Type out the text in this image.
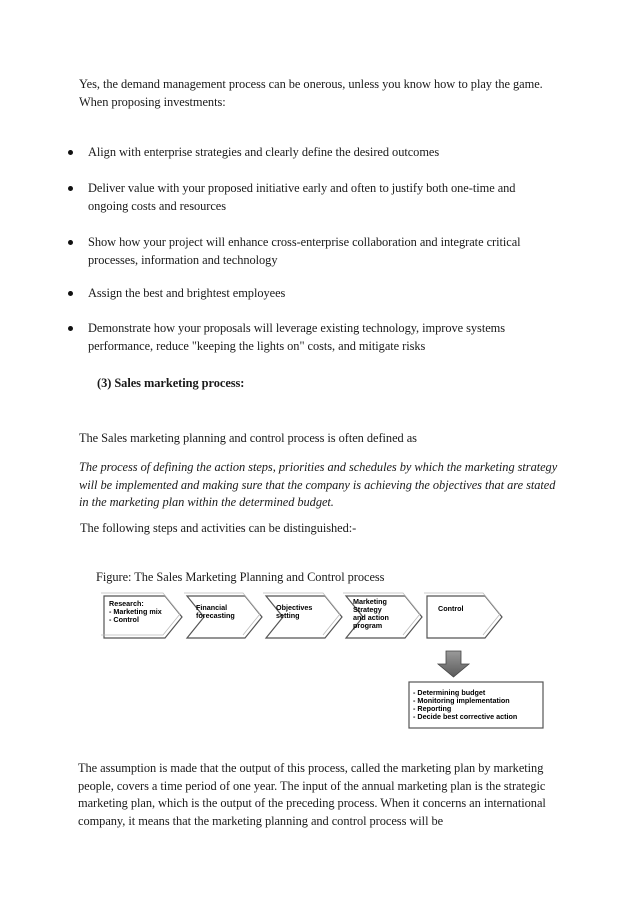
Yes, the demand management process can be onerous, unless you know how to play the game. When proposing investments:
Align with enterprise strategies and clearly define the desired outcomes
Deliver value with your proposed initiative early and often to justify both one-time and ongoing costs and resources
Show how your project will enhance cross-enterprise collaboration and integrate critical processes, information and technology
Assign the best and brightest employees
Demonstrate how your proposals will leverage existing technology, improve systems performance, reduce "keeping the lights on" costs, and mitigate risks
(3) Sales marketing process:
The Sales marketing planning and control process is often defined as
The process of defining the action steps, priorities and schedules by which the marketing strategy will be implemented and making sure that the company is achieving the objectives that are stated in the marketing plan within the determined budget.
The following steps and activities can be distinguished:-
Figure: The Sales Marketing Planning and Control process
Research:
- Marketing mix
- Control
Financial
forecasting
Objectives
setting
Marketing
Strategy
and action
program
Control
- Determining budget
- Monitoring implementation
- Reporting
- Decide best corrective action
The assumption is made that the output of this process, called the marketing plan by marketing people, covers a time period of one year. The input of the annual marketing plan is the strategic marketing plan, which is the output of the preceding process. When it concerns an international company, it means that the marketing planning and control process will be
